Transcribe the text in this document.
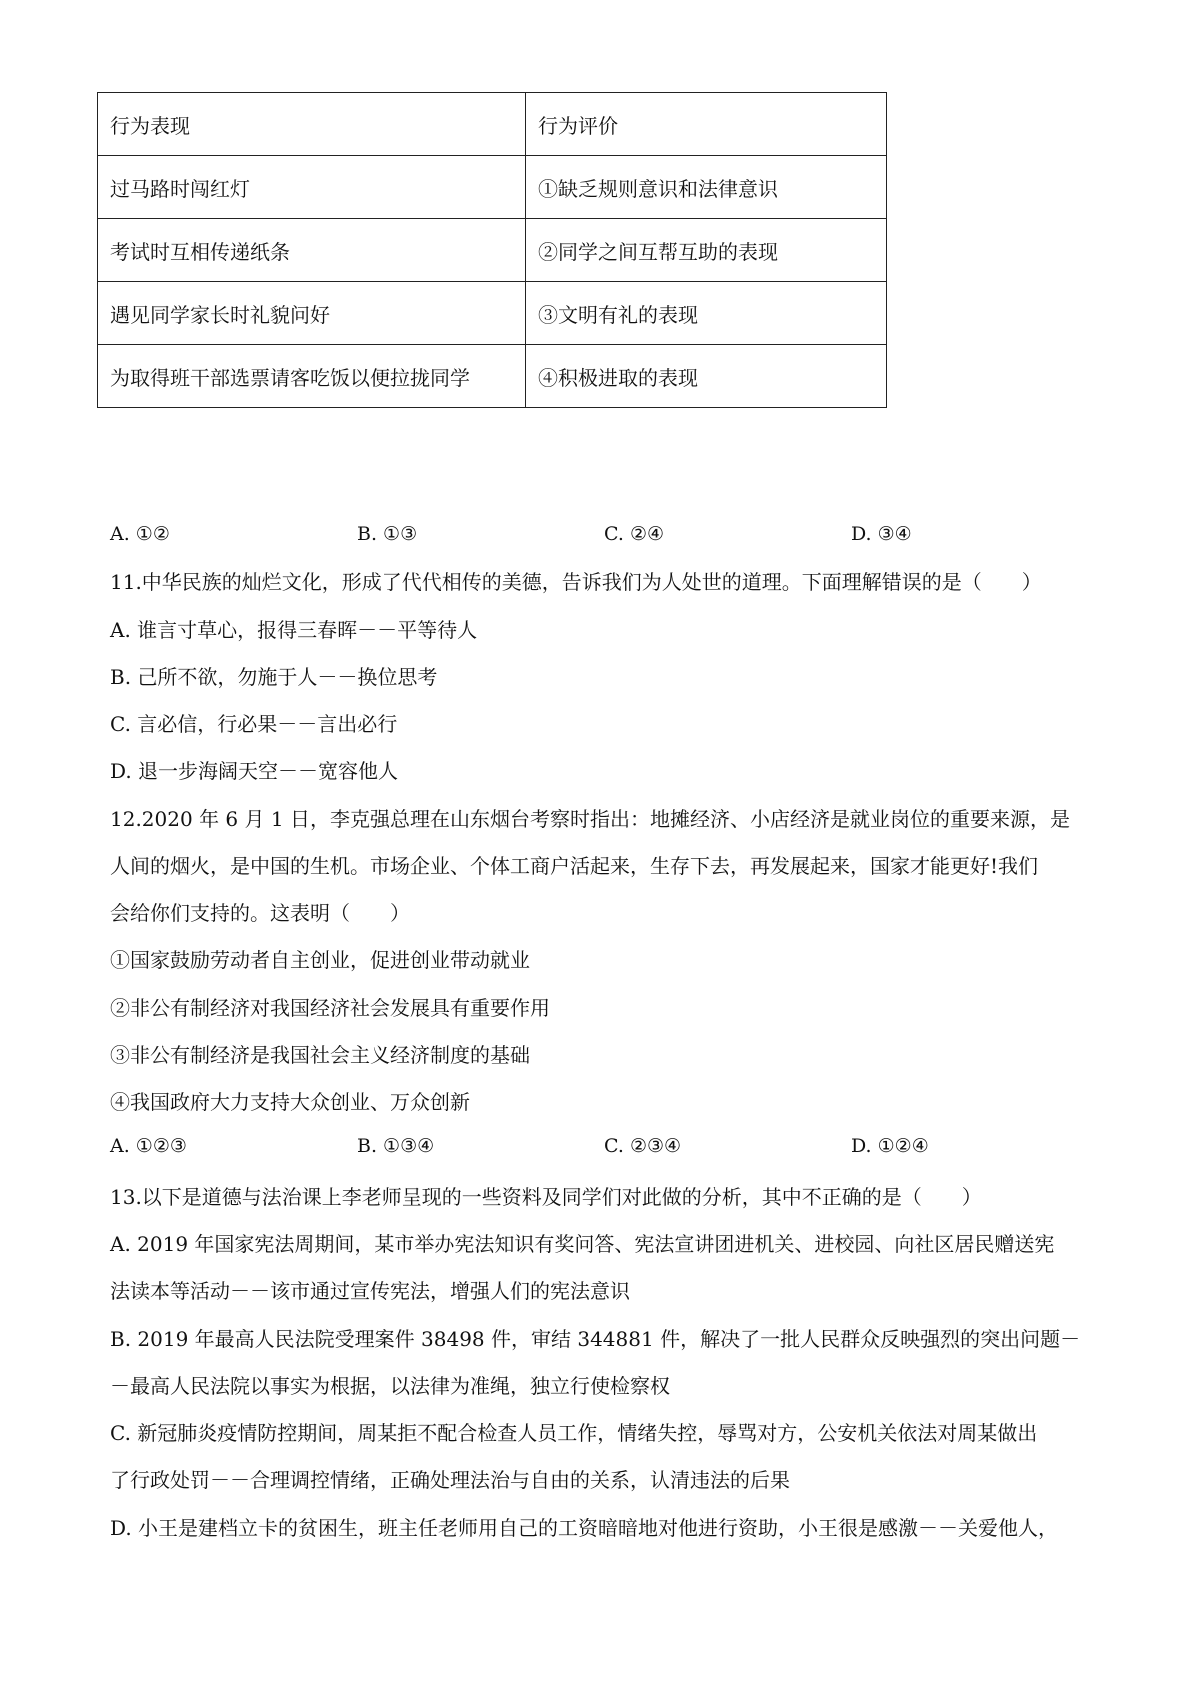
行为表现	行为评价
过马路时闯红灯	①缺乏规则意识和法律意识
考试时互相传递纸条	②同学之间互帮互助的表现
遇见同学家长时礼貌问好	③文明有礼的表现
为取得班干部选票请客吃饭以便拉拢同学	④积极进取的表现
A. ①②	B. ①③	C. ②④	D. ③④
11.中华民族的灿烂文化，形成了代代相传的美德，告诉我们为人处世的道理。下面理解错误的是（　　）
A. 谁言寸草心，报得三春晖－－平等待人
B. 己所不欲，勿施于人－－换位思考
C. 言必信，行必果－－言出必行
D. 退一步海阔天空－－宽容他人
12.2020 年 6 月 1 日，李克强总理在山东烟台考察时指出：地摊经济、小店经济是就业岗位的重要来源，是
人间的烟火，是中国的生机。市场企业、个体工商户活起来，生存下去，再发展起来，国家才能更好!我们
会给你们支持的。这表明（　　）
①国家鼓励劳动者自主创业，促进创业带动就业
②非公有制经济对我国经济社会发展具有重要作用
③非公有制经济是我国社会主义经济制度的基础
④我国政府大力支持大众创业、万众创新
A. ①②③	B. ①③④	C. ②③④	D. ①②④
13.以下是道德与法治课上李老师呈现的一些资料及同学们对此做的分析，其中不正确的是（　　）
A. 2019 年国家宪法周期间，某市举办宪法知识有奖问答、宪法宣讲团进机关、进校园、向社区居民赠送宪
法读本等活动－－该市通过宣传宪法，增强人们的宪法意识
B. 2019 年最高人民法院受理案件 38498 件，审结 344881 件，解决了一批人民群众反映强烈的突出问题－
－最高人民法院以事实为根据，以法律为准绳，独立行使检察权
C. 新冠肺炎疫情防控期间，周某拒不配合检查人员工作，情绪失控，辱骂对方，公安机关依法对周某做出
了行政处罚－－合理调控情绪，正确处理法治与自由的关系，认清违法的后果
D. 小王是建档立卡的贫困生，班主任老师用自己的工资暗暗地对他进行资助，小王很是感激－－关爱他人，
